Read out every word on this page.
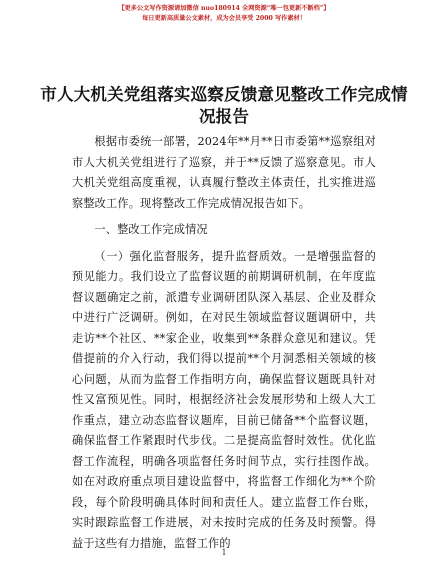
【更多公文写作资源请加微信 nuo180914 全网资源“唯一包更新不断档”】
每日更新高质量公文素材，成为会员享受 2000 写作素材！
市人大机关党组落实巡察反馈意见整改工作完成情况报告

根据市委统一部署，2024年**月**日市委第**巡察组对市人大机关党组进行了巡察，并于**反馈了巡察意见。市人大机关党组高度重视，认真履行整改主体责任，扎实推进巡察整改工作。现将整改工作完成情况报告如下。

一、整改工作完成情况

（一）强化监督服务，提升监督质效。一是增强监督的预见能力。我们设立了监督议题的前期调研机制，在年度监督议题确定之前，派遣专业调研团队深入基层、企业及群众中进行广泛调研。例如，在对民生领域监督议题调研中，共走访**个社区、**家企业，收集到**条群众意见和建议。凭借提前的介入行动，我们得以提前**个月洞悉相关领域的核心问题，从而为监督工作指明方向，确保监督议题既具针对性又富预见性。同时，根据经济社会发展形势和上级人大工作重点，建立动态监督议题库，目前已储备**个监督议题，确保监督工作紧跟时代步伐。二是提高监督时效性。优化监督工作流程，明确各项监督任务时间节点，实行挂图作战。如在对政府重点项目建设监督中，将监督工作细化为**个阶段，每个阶段明确具体时间和责任人。建立监督工作台账，实时跟踪监督工作进展，对未按时完成的任务及时预警。得益于这些有力措施，监督工作的

1
